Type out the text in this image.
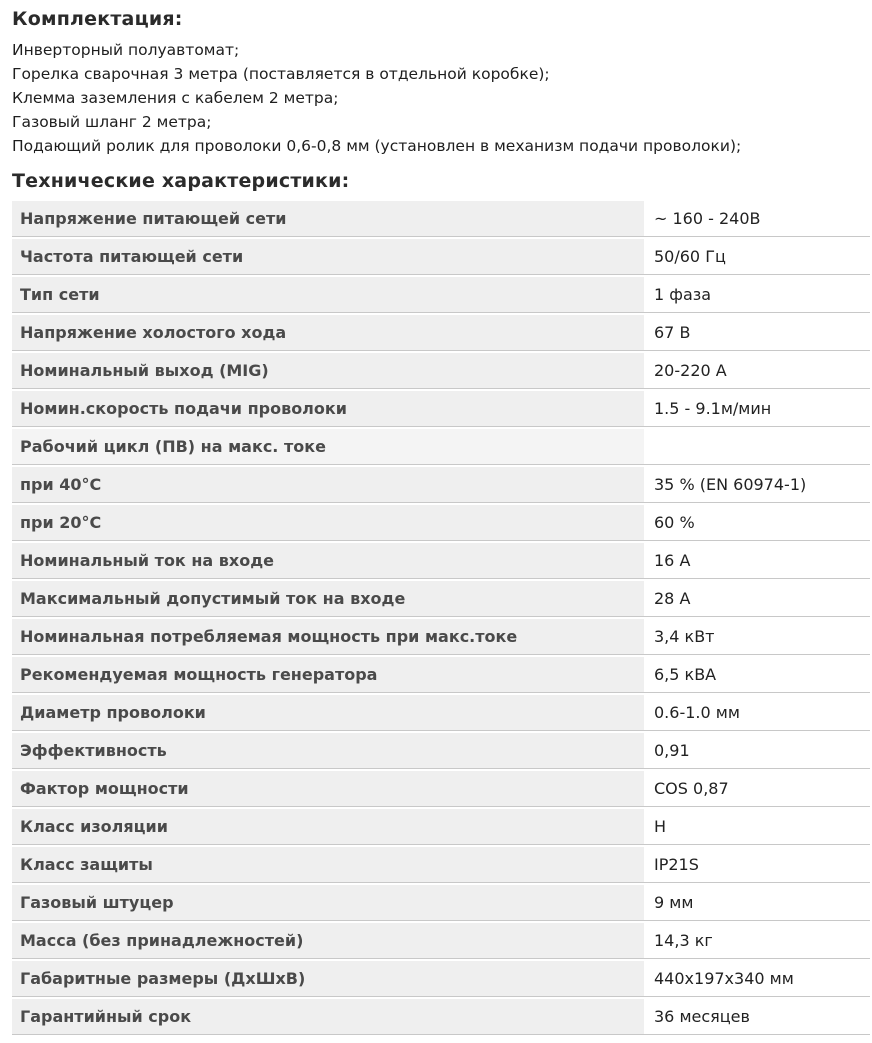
Комплектация:
Инверторный полуавтомат;
Горелка сварочная 3 метра (поставляется в отдельной коробке);
Клемма заземления с кабелем 2 метра;
Газовый шланг 2 метра;
Подающий ролик для проволоки 0,6-0,8 мм (установлен в механизм подачи проволоки);
Технические характеристики:
Напряжение питающей сети	~ 160 - 240В
Частота питающей сети	50/60 Гц
Тип сети	1 фаза
Напряжение холостого хода	67 В
Номинальный выход (MIG)	20-220 А
Номин.скорость подачи проволоки	1.5 - 9.1м/мин
Рабочий цикл (ПВ) на макс. токе	
при 40°C	35 % (EN 60974-1)
при 20°C	60 %
Номинальный ток на входе	16 А
Максимальный допустимый ток на входе	28 А
Номинальная потребляемая мощность при макс.токе	3,4 кВт
Рекомендуемая мощность генератора	6,5 кВА
Диаметр проволоки	0.6-1.0 мм
Эффективность	0,91
Фактор мощности	COS 0,87
Класс изоляции	H
Класс защиты	IP21S
Газовый штуцер	9 мм
Масса (без принадлежностей)	14,3 кг
Габаритные размеры (ДхШхВ)	440x197x340 мм
Гарантийный срок	36 месяцев
